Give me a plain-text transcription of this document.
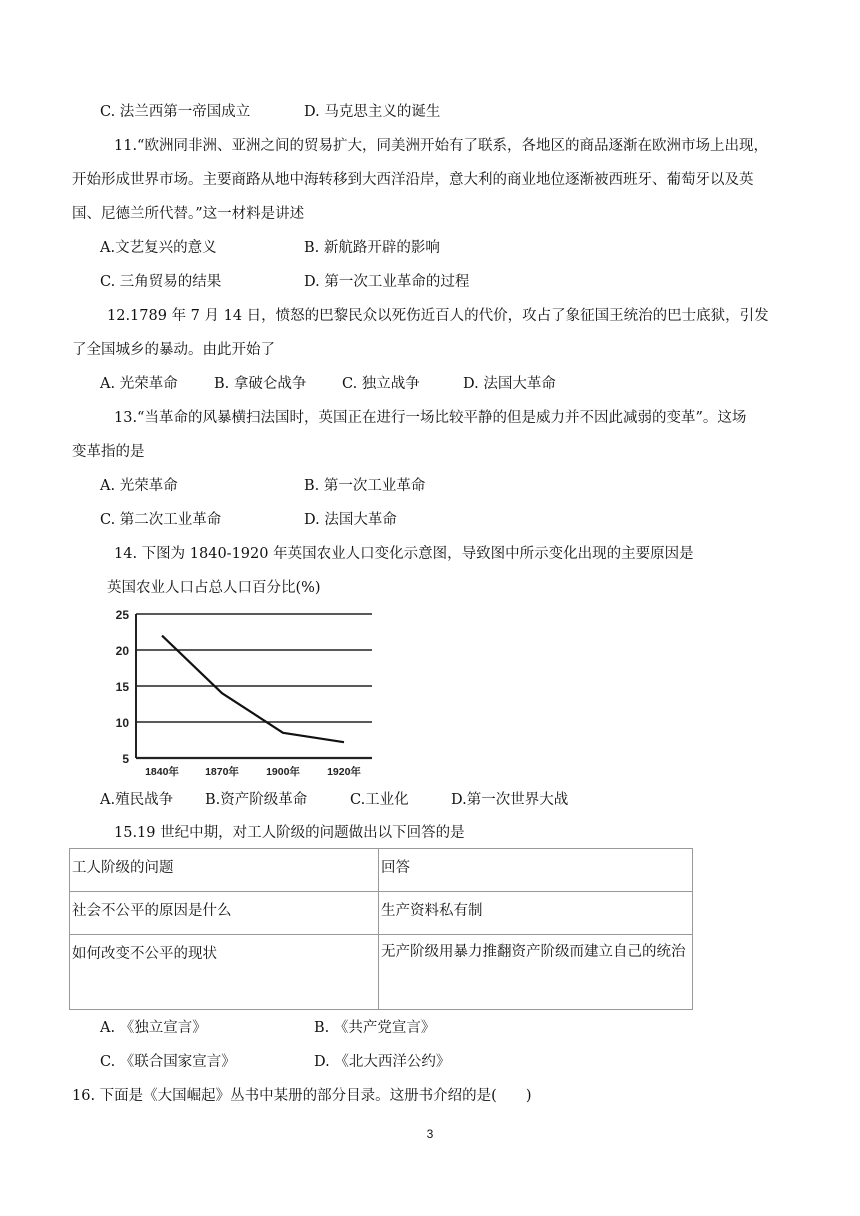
C. 法兰西第一帝国成立	D. 马克思主义的诞生
11.“欧洲同非洲、亚洲之间的贸易扩大，同美洲开始有了联系，各地区的商品逐渐在欧洲市场上出现，
开始形成世界市场。主要商路从地中海转移到大西洋沿岸，意大利的商业地位逐渐被西班牙、葡萄牙以及英
国、尼德兰所代替。”这一材料是讲述
A.文艺复兴的意义	B. 新航路开辟的影响
C. 三角贸易的结果	D. 第一次工业革命的过程
12.1789 年 7 月 14 日，愤怒的巴黎民众以死伤近百人的代价，攻占了象征国王统治的巴士底狱，引发
了全国城乡的暴动。由此开始了
A. 光荣革命	B. 拿破仑战争 C. 独立战争	D. 法国大革命
13.“当革命的风暴横扫法国时，英国正在进行一场比较平静的但是威力并不因此减弱的变革”。这场
变革指的是
A. 光荣革命	B. 第一次工业革命
C. 第二次工业革命	D. 法国大革命
14. 下图为 1840-1920 年英国农业人口变化示意图，导致图中所示变化出现的主要原因是
英国农业人口占总人口百分比(%)
25
20
15
10
5
1840年 1870年	1900年	1920年
A.殖民战争 B.资产阶级革命	C.工业化	D.第一次世界大战
15.19 世纪中期，对工人阶级的问题做出以下回答的是
工人阶级的问题	回答
社会不公平的原因是什么	生产资料私有制
如何改变不公平的现状	无产阶级用暴力推翻资产阶级而建立自己的统治
A. 《独立宣言》	B. 《共产党宣言》
C. 《联合国家宣言》	D. 《北大西洋公约》
16. 下面是《大国崛起》丛书中某册的部分目录。这册书介绍的是(　　)
3
